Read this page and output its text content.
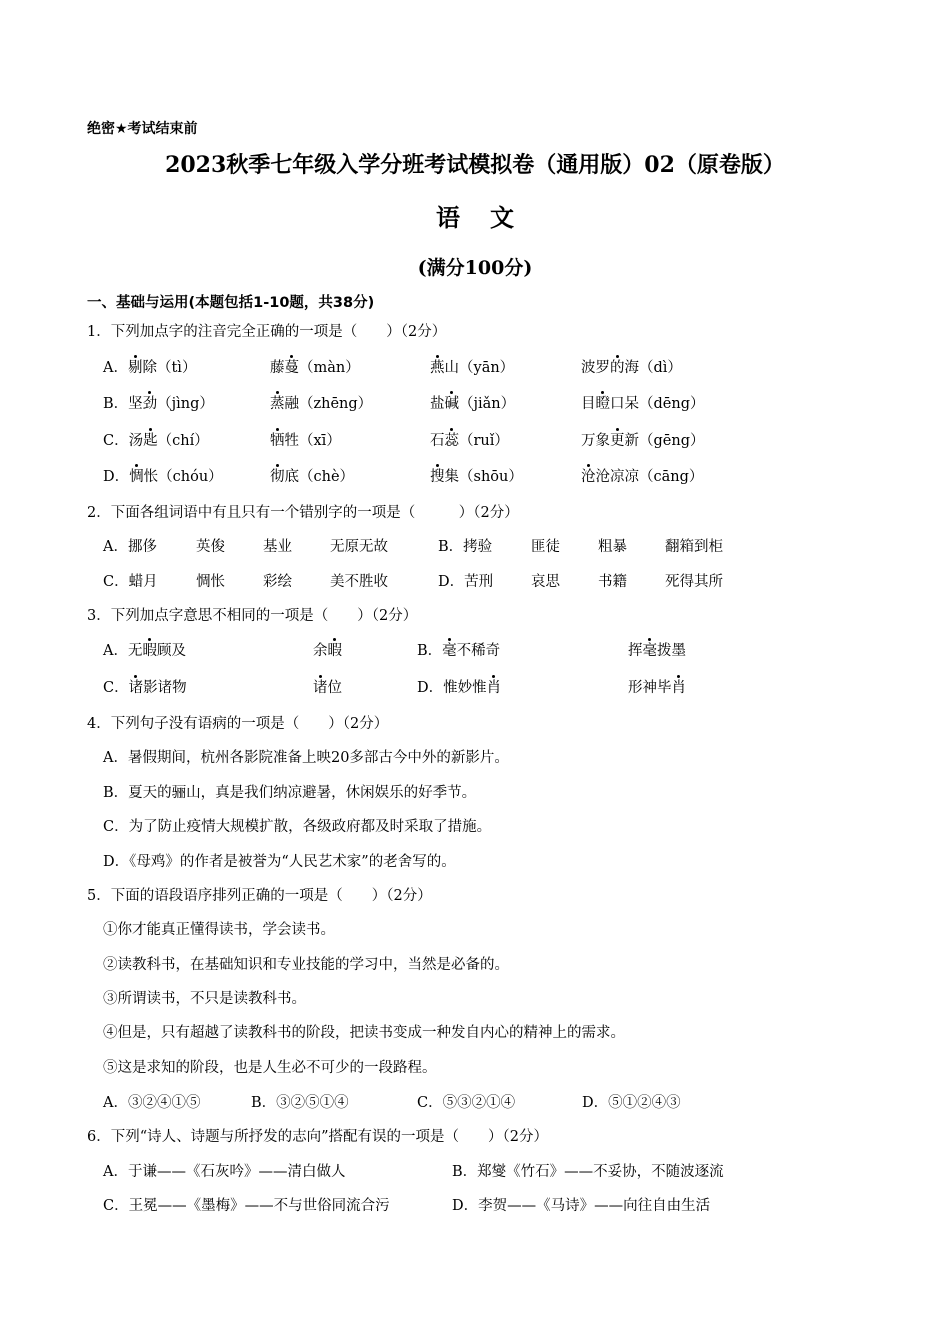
绝密★考试结束前
2023秋季七年级入学分班考试模拟卷（通用版）02（原卷版）
语文
(满分100分)
一、基础与运用(本题包括1-10题，共38分)
1．下列加点字的注音完全正确的一项是（　　）（2分）
A．剔除（tì）	藤蔓（màn）	燕山（yān）	波罗的海（dì）
B．坚劲（jìng）	蒸融（zhēng）	盐碱（jiǎn）	目瞪口呆（dēng）
C．汤匙（chí）	牺牲（xī）	石蕊（ruǐ）	万象更新（gēng）
D．惆怅（chóu）	彻底（chè）	搜集（shōu）	沧沧凉凉（cāng）
2．下面各组词语中有且只有一个错别字的一项是（　　　）（2分）
A．挪侈	英俊	基业	无原无故	B．拷验	匪徒	粗暴	翻箱到柜
C．蜡月	惆怅	彩绘	美不胜收	D．苦刑	哀思	书籍	死得其所
3．下列加点字意思不相同的一项是（　　）（2分）
A．无暇顾及	余暇	B．毫不稀奇	挥毫拨墨
C．诸影诸物	诸位	D．惟妙惟肖	形神毕肖
4．下列句子没有语病的一项是（　　）（2分）
A．暑假期间，杭州各影院准备上映20多部古今中外的新影片。
B．夏天的骊山，真是我们纳凉避暑，休闲娱乐的好季节。
C．为了防止疫情大规模扩散，各级政府都及时采取了措施。
D．《母鸡》的作者是被誉为“人民艺术家”的老舍写的。
5．下面的语段语序排列正确的一项是（　　）（2分）
①你才能真正懂得读书，学会读书。
②读教科书，在基础知识和专业技能的学习中，当然是必备的。
③所谓读书，不只是读教科书。
④但是，只有超越了读教科书的阶段，把读书变成一种发自内心的精神上的需求。
⑤这是求知的阶段，也是人生必不可少的一段路程。
A．③②④①⑤	B．③②⑤①④	C．⑤③②①④	D．⑤①②④③
6．下列“诗人、诗题与所抒发的志向”搭配有误的一项是（　　）（2分）
A．于谦——《石灰吟》——清白做人	B．郑燮《竹石》——不妥协，不随波逐流
C．王冕——《墨梅》——不与世俗同流合污	D．李贺——《马诗》——向往自由生活
